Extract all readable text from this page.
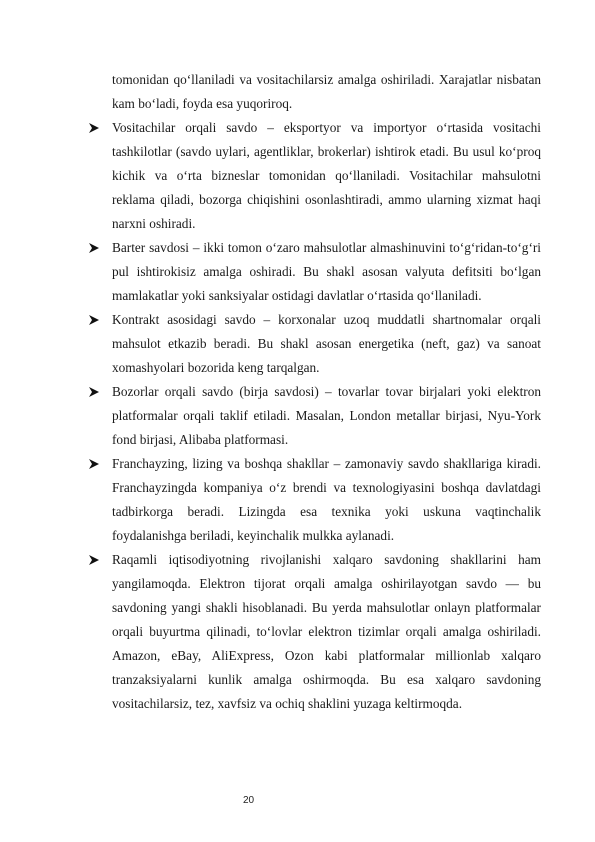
tomonidan qo‘llaniladi va vositachilarsiz amalga oshiriladi. Xarajatlar nisbatan kam bo‘ladi, foyda esa yuqoriroq.

Vositachilar orqali savdo – eksportyor va importyor o‘rtasida vositachi tashkilotlar (savdo uylari, agentliklar, brokerlar) ishtirok etadi. Bu usul ko‘proq kichik va o‘rta bizneslar tomonidan qo‘llaniladi. Vositachilar mahsulotni reklama qiladi, bozorga chiqishini osonlashtiradi, ammo ularning xizmat haqi narxni oshiradi.

Barter savdosi – ikki tomon o‘zaro mahsulotlar almashinuvini to‘g‘ridan-to‘g‘ri pul ishtirokisiz amalga oshiradi. Bu shakl asosan valyuta defitsiti bo‘lgan mamlakatlar yoki sanksiyalar ostidagi davlatlar o‘rtasida qo‘llaniladi.

Kontrakt asosidagi savdo – korxonalar uzoq muddatli shartnomalar orqali mahsulot etkazib beradi. Bu shakl asosan energetika (neft, gaz) va sanoat xomashyolari bozorida keng tarqalgan.

Bozorlar orqali savdo (birja savdosi) – tovarlar tovar birjalari yoki elektron platformalar orqali taklif etiladi. Masalan, London metallar birjasi, Nyu-York fond birjasi, Alibaba platformasi.

Franchayzing, lizing va boshqa shakllar – zamonaviy savdo shakllariga kiradi. Franchayzingda kompaniya o‘z brendi va texnologiyasini boshqa davlatdagi tadbirkorga beradi. Lizingda esa texnika yoki uskuna vaqtinchalik foydalanishga beriladi, keyinchalik mulkka aylanadi.

Raqamli iqtisodiyotning rivojlanishi xalqaro savdoning shakllarini ham yangilamoqda. Elektron tijorat orqali amalga oshirilayotgan savdo — bu savdoning yangi shakli hisoblanadi. Bu yerda mahsulotlar onlayn platformalar orqali buyurtma qilinadi, to‘lovlar elektron tizimlar orqali amalga oshiriladi. Amazon, eBay, AliExpress, Ozon kabi platformalar millionlab xalqaro tranzaksiyalarni kunlik amalga oshirmoqda. Bu esa xalqaro savdoning vositachilarsiz, tez, xavfsiz va ochiq shaklini yuzaga keltirmoqda.

20
